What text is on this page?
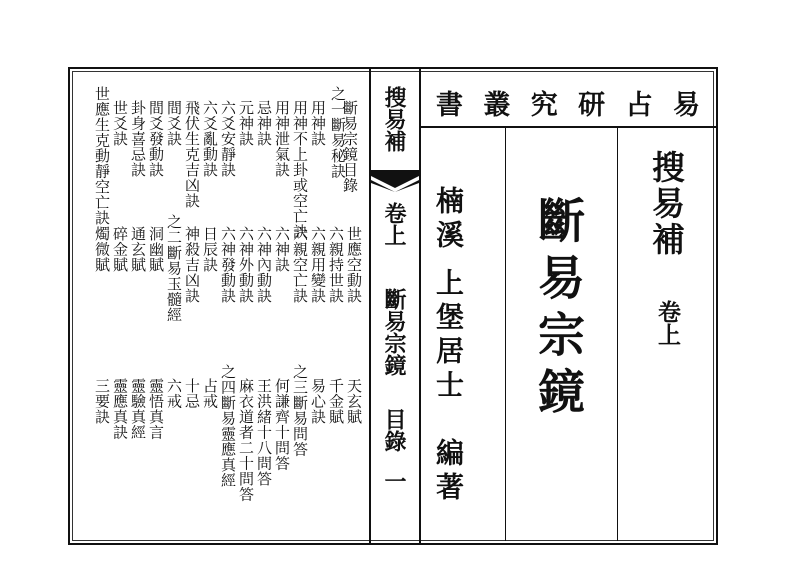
易
占
研
究
叢
書
搜易補
卷上
斷易宗鏡
楠溪
上堡居士　編著
搜易補
卷上
斷易宗鏡
目錄
一
斷易宗鏡目錄
之一斷易秘訣
用神訣
用神不上卦或空亡訣
用神泄氣訣
忌神訣
元神訣
六爻安靜訣
六爻亂動訣
飛伏生克吉凶訣
間爻訣
間爻發動訣
卦身喜忌訣
世爻訣
世應生克動靜空亡訣
世應空動訣
六親持世訣
六親用變訣
六親空亡訣
六神訣
六神內動訣
六神外動訣
六神發動訣
日辰訣
神殺吉凶訣
之二斷易玉髓經
洞幽賦
通玄賦
碎金賦
燭微賦
天玄賦
千金賦
易心訣
之三斷易問答
何謙齊十問答
王洪緒十八問答
麻衣道者二十問答
之四斷易靈應真經
占戒
十忌
六戒
靈悟真言
靈驗真經
靈應真訣
三要訣
